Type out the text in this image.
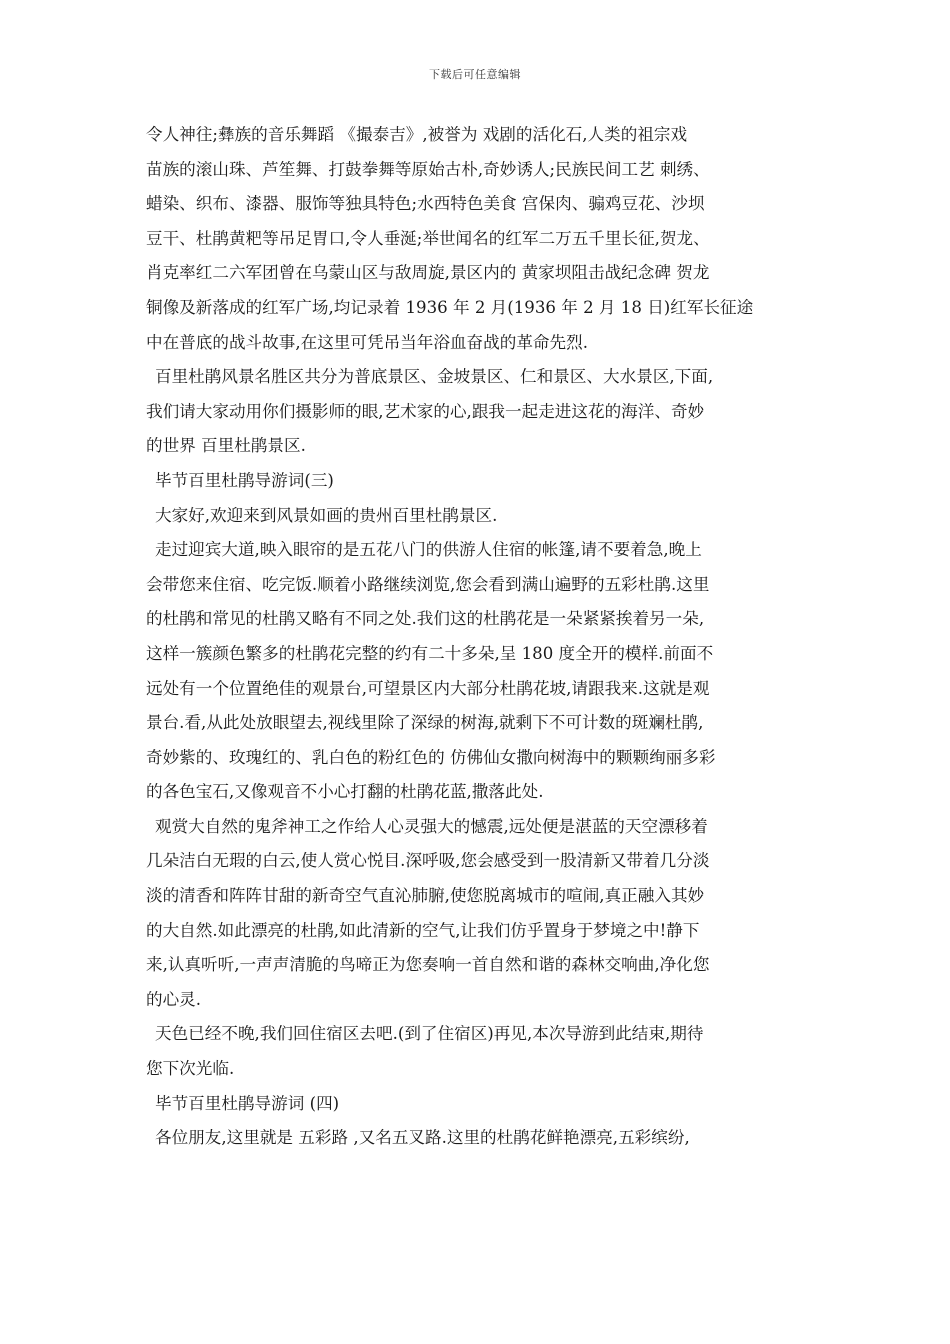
下载后可任意编辑
令人神往;彝族的音乐舞蹈 《撮泰吉》,被誉为 戏剧的活化石,人类的祖宗戏
苗族的滚山珠、芦笙舞、打鼓拳舞等原始古朴,奇妙诱人;民族民间工艺 刺绣、
蜡染、织布、漆器、服饰等独具特色;水西特色美食 宫保肉、骟鸡豆花、沙坝
豆干、杜鹃黄粑等吊足胃口,令人垂涎;举世闻名的红军二万五千里长征,贺龙、
肖克率红二六军团曾在乌蒙山区与敌周旋,景区内的 黄家坝阻击战纪念碑 贺龙
铜像及新落成的红军广场,均记录着 1936 年 2 月(1936 年 2 月 18 日)红军长征途
中在普底的战斗故事,在这里可凭吊当年浴血奋战的革命先烈.
百里杜鹃风景名胜区共分为普底景区、金坡景区、仁和景区、大水景区,下面,
我们请大家动用你们摄影师的眼,艺术家的心,跟我一起走进这花的海洋、奇妙
的世界 百里杜鹃景区.
毕节百里杜鹃导游词(三)
大家好,欢迎来到风景如画的贵州百里杜鹃景区.
走过迎宾大道,映入眼帘的是五花八门的供游人住宿的帐篷,请不要着急,晚上
会带您来住宿、吃完饭.顺着小路继续浏览,您会看到满山遍野的五彩杜鹃.这里
的杜鹃和常见的杜鹃又略有不同之处.我们这的杜鹃花是一朵紧紧挨着另一朵,
这样一簇颜色繁多的杜鹃花完整的约有二十多朵,呈 180 度全开的模样.前面不
远处有一个位置绝佳的观景台,可望景区内大部分杜鹃花坡,请跟我来.这就是观
景台.看,从此处放眼望去,视线里除了深绿的树海,就剩下不可计数的斑斓杜鹃,
奇妙紫的、玫瑰红的、乳白色的粉红色的 仿佛仙女撒向树海中的颗颗绚丽多彩
的各色宝石,又像观音不小心打翻的杜鹃花蓝,撒落此处.
观赏大自然的鬼斧神工之作给人心灵强大的憾震,远处便是湛蓝的天空漂移着
几朵洁白无瑕的白云,使人赏心悦目.深呼吸,您会感受到一股清新又带着几分淡
淡的清香和阵阵甘甜的新奇空气直沁肺腑,使您脱离城市的喧闹,真正融入其妙
的大自然.如此漂亮的杜鹃,如此清新的空气,让我们仿乎置身于梦境之中!静下
来,认真听听,一声声清脆的鸟啼正为您奏响一首自然和谐的森林交响曲,净化您
的心灵.
天色已经不晚,我们回住宿区去吧.(到了住宿区)再见,本次导游到此结束,期待
您下次光临.
毕节百里杜鹃导游词 (四)
各位朋友,这里就是 五彩路 ,又名五叉路.这里的杜鹃花鲜艳漂亮,五彩缤纷,
